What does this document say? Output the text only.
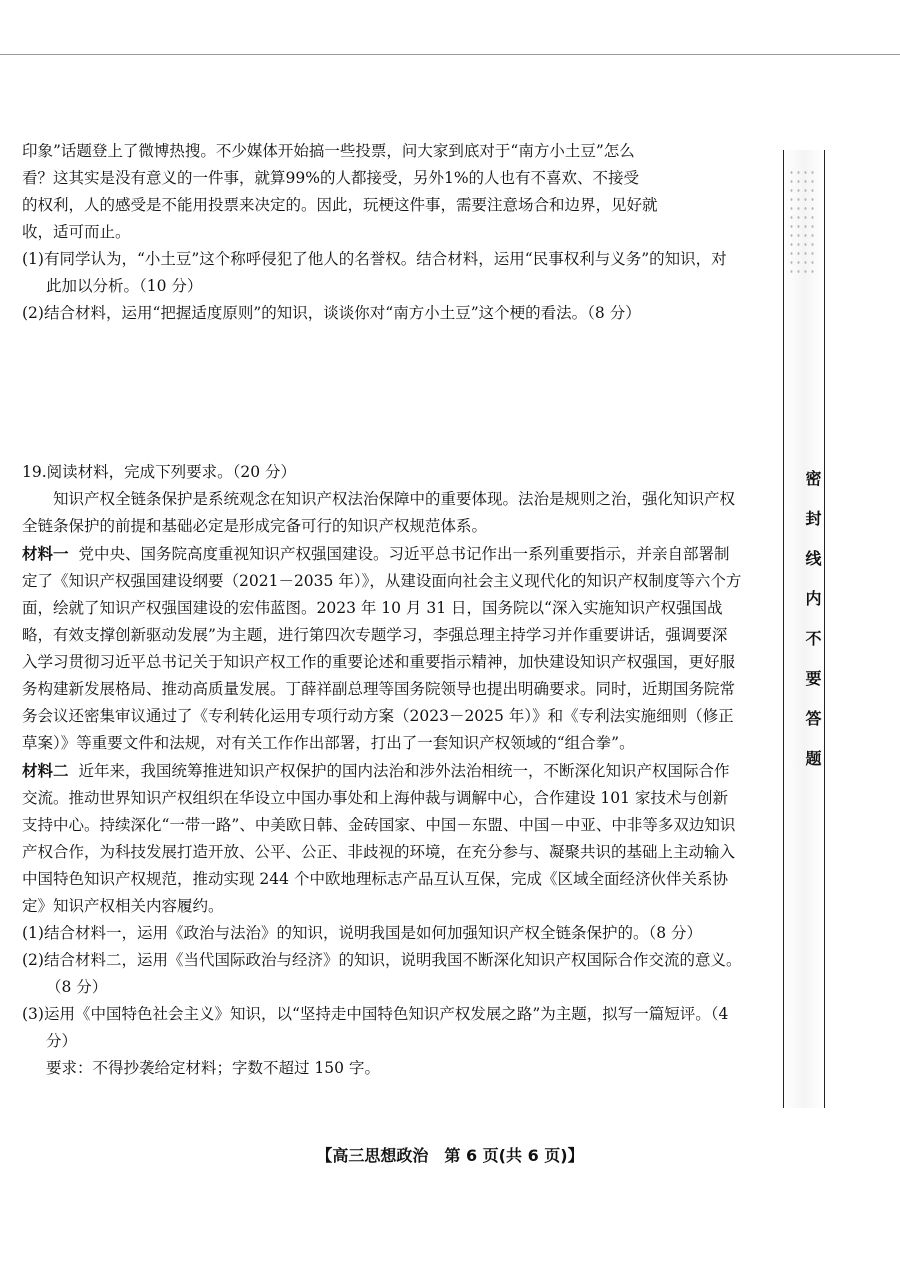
印象”话题登上了微博热搜。不少媒体开始搞一些投票，问大家到底对于“南方小土豆”怎么

看？这其实是没有意义的一件事，就算99%的人都接受，另外1%的人也有不喜欢、不接受

的权利，人的感受是不能用投票来决定的。因此，玩梗这件事，需要注意场合和边界，见好就

收，适可而止。

(1)有同学认为，“小土豆”这个称呼侵犯了他人的名誉权。结合材料，运用“民事权利与义务”的知识，对此加以分析。（10 分）

(2)结合材料，运用“把握适度原则”的知识，谈谈你对“南方小土豆”这个梗的看法。（8 分）

19.阅读材料，完成下列要求。（20 分）

知识产权全链条保护是系统观念在知识产权法治保障中的重要体现。法治是规则之治，强化知识产权全链条保护的前提和基础必定是形成完备可行的知识产权规范体系。

材料一 党中央、国务院高度重视知识产权强国建设。习近平总书记作出一系列重要指示，并亲自部署制定了《知识产权强国建设纲要（2021－2035 年）》，从建设面向社会主义现代化的知识产权制度等六个方面，绘就了知识产权强国建设的宏伟蓝图。2023 年 10 月 31 日，国务院以“深入实施知识产权强国战略，有效支撑创新驱动发展”为主题，进行第四次专题学习，李强总理主持学习并作重要讲话，强调要深入学习贯彻习近平总书记关于知识产权工作的重要论述和重要指示精神，加快建设知识产权强国，更好服务构建新发展格局、推动高质量发展。丁薛祥副总理等国务院领导也提出明确要求。同时，近期国务院常务会议还密集审议通过了《专利转化运用专项行动方案（2023－2025 年）》和《专利法实施细则（修正草案）》等重要文件和法规，对有关工作作出部署，打出了一套知识产权领域的“组合拳”。

材料二 近年来，我国统筹推进知识产权保护的国内法治和涉外法治相统一，不断深化知识产权国际合作交流。推动世界知识产权组织在华设立中国办事处和上海仲裁与调解中心，合作建设 101 家技术与创新支持中心。持续深化“一带一路”、中美欧日韩、金砖国家、中国－东盟、中国－中亚、中非等多双边知识产权合作，为科技发展打造开放、公平、公正、非歧视的环境，在充分参与、凝聚共识的基础上主动输入中国特色知识产权规范，推动实现 244 个中欧地理标志产品互认互保，完成《区域全面经济伙伴关系协定》知识产权相关内容履约。

(1)结合材料一，运用《政治与法治》的知识，说明我国是如何加强知识产权全链条保护的。（8 分）

(2)结合材料二，运用《当代国际政治与经济》的知识，说明我国不断深化知识产权国际合作交流的意义。（8 分）

(3)运用《中国特色社会主义》知识，以“坚持走中国特色知识产权发展之路”为主题，拟写一篇短评。（4 分）

要求：不得抄袭给定材料；字数不超过 150 字。

密封线内不要答题
【高三思想政治　第 6 页(共 6 页)】
